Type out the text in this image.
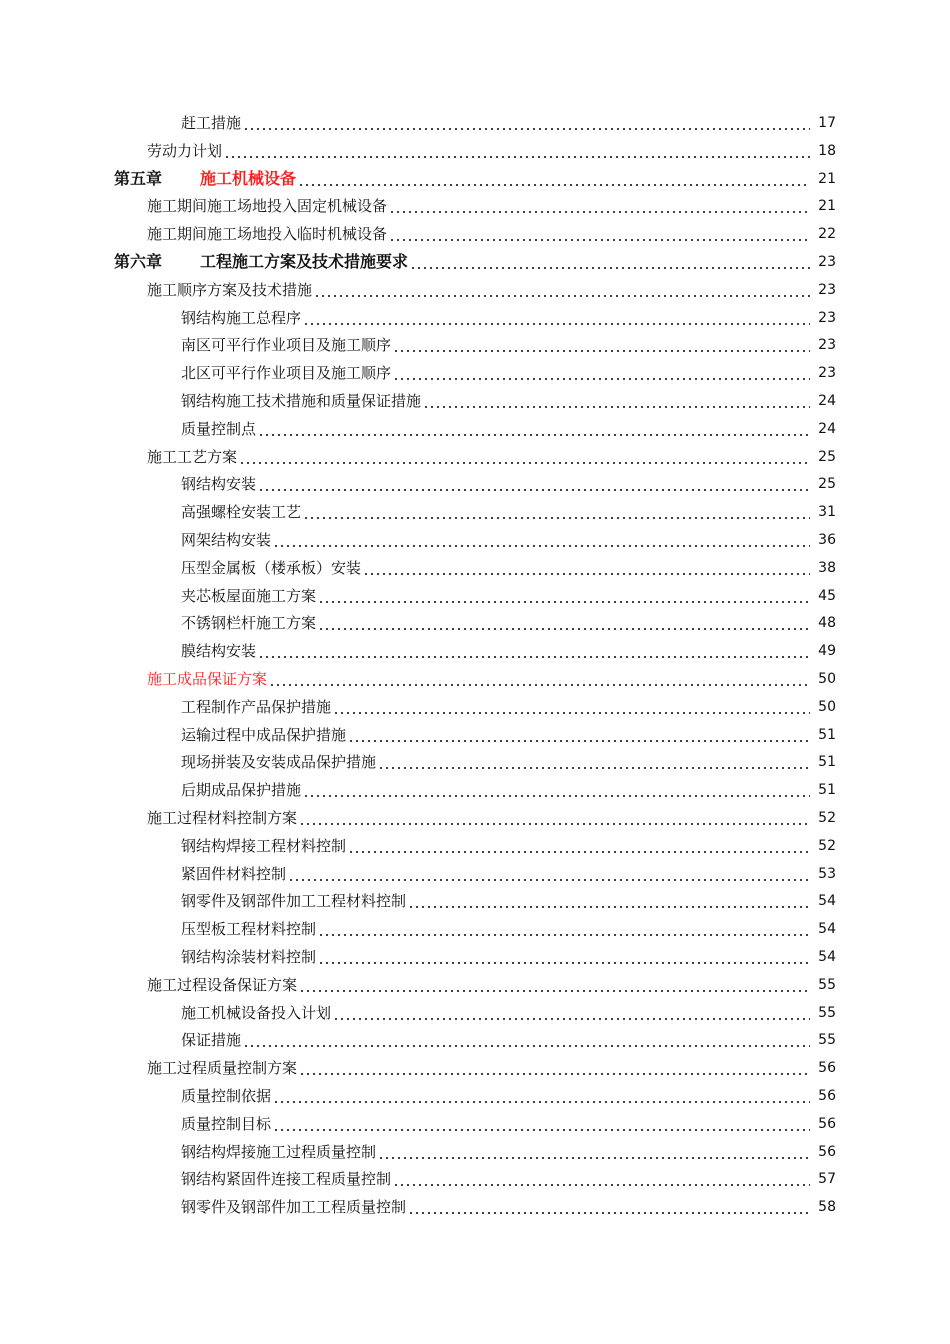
赶工措施	17
劳动力计划	18
第五章 施工机械设备	21
施工期间施工场地投入固定机械设备	21
施工期间施工场地投入临时机械设备	22
第六章 工程施工方案及技术措施要求	23
施工顺序方案及技术措施	23
钢结构施工总程序	23
南区可平行作业项目及施工顺序	23
北区可平行作业项目及施工顺序	23
钢结构施工技术措施和质量保证措施	24
质量控制点	24
施工工艺方案	25
钢结构安装	25
高强螺栓安装工艺	31
网架结构安装	36
压型金属板（楼承板）安装	38
夹芯板屋面施工方案	45
不锈钢栏杆施工方案	48
膜结构安装	49
施工成品保证方案	50
工程制作产品保护措施	50
运输过程中成品保护措施	51
现场拼装及安装成品保护措施	51
后期成品保护措施	51
施工过程材料控制方案	52
钢结构焊接工程材料控制	52
紧固件材料控制	53
钢零件及钢部件加工工程材料控制	54
压型板工程材料控制	54
钢结构涂装材料控制	54
施工过程设备保证方案	55
施工机械设备投入计划	55
保证措施	55
施工过程质量控制方案	56
质量控制依据	56
质量控制目标	56
钢结构焊接施工过程质量控制	56
钢结构紧固件连接工程质量控制	57
钢零件及钢部件加工工程质量控制	58
